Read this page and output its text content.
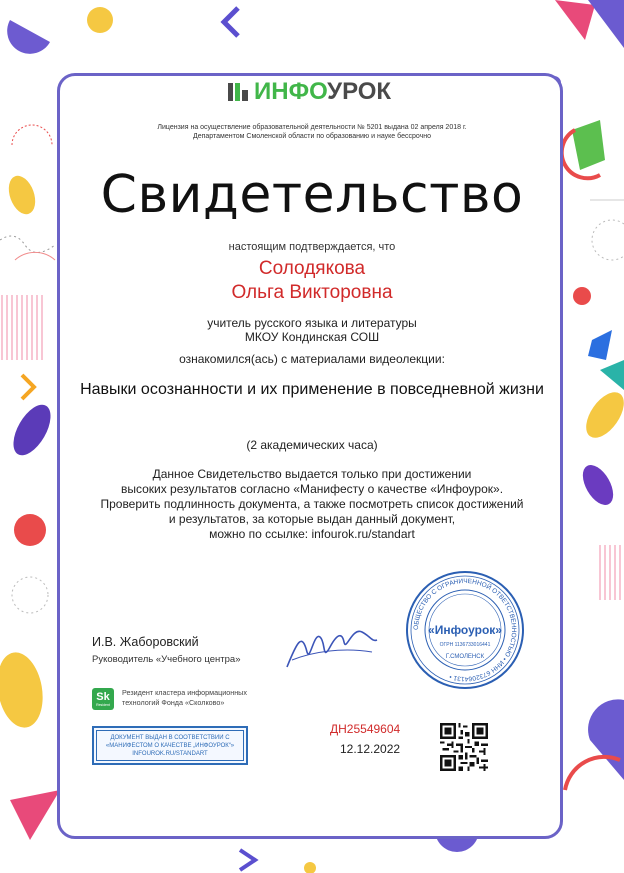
ИНФОУРОК
Лицензия на осуществление образовательной деятельности № 5201 выдана 02 апреля 2018 г.
Департаментом Смоленской области по образованию и науке бессрочно
Свидетельство
настоящим подтверждается, что
Солодякова
Ольга Викторовна
учитель русского языка и литературы
МКОУ Кондинская СОШ
ознакомился(ась) с материалами видеолекции:
Навыки осознанности и их применение в повседневной жизни
(2 академических часа)
Данное Свидетельство выдается только при достижении
высоких результатов согласно «Манифесту о качестве «Инфоурок».
Проверить подлинность документа, а также посмотреть список достижений
и результатов, за которые выдан данный документ,
можно по ссылке: infourok.ru/standart
И.В. Жаборовский
Руководитель «Учебного центра»
ОБЩЕСТВО С ОГРАНИЧЕННОЙ ОТВЕТСТВЕННОСТЬЮ • ИНН 6732064131 •
«Инфоурок»
ОГРН 1136733016441
Г.СМОЛЕНСК
Sk
Resident
Резидент кластера информационных
технологий Фонда «Сколково»
ДОКУМЕНТ ВЫДАН В СООТВЕТСТВИИ С
«МАНИФЕСТОМ О КАЧЕСТВЕ „ИНФОУРОК“»
INFOUROK.RU/STANDART
ДН25549604
12.12.2022
